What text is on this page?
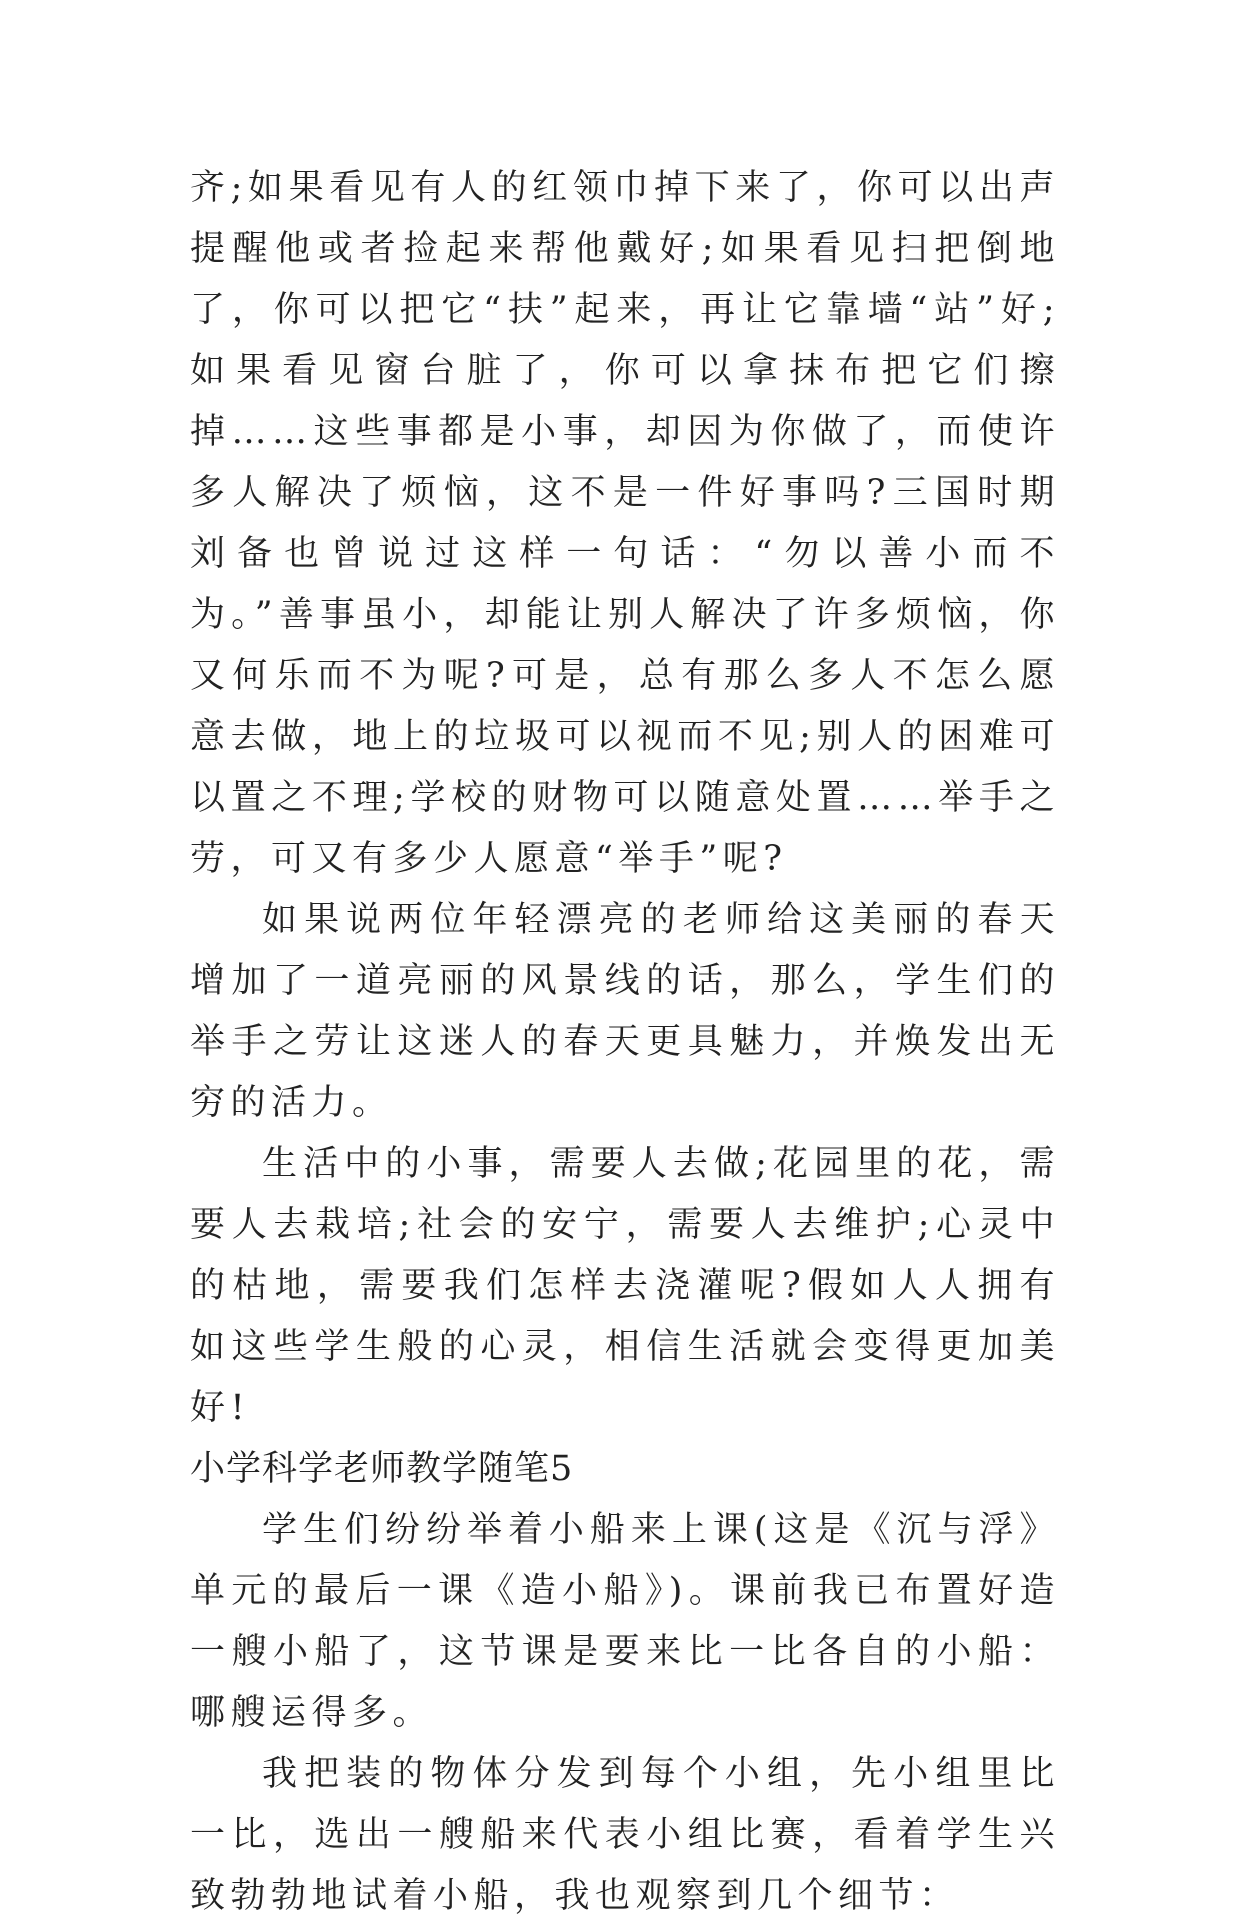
齐;如果看见有人的红领巾掉下来了，你可以出声提醒他或者捡起来帮他戴好;如果看见扫把倒地了，你可以把它“扶”起来，再让它靠墙“站”好;如果看见窗台脏了，你可以拿抹布把它们擦掉……这些事都是小事，却因为你做了，而使许多人解决了烦恼，这不是一件好事吗?三国时期刘备也曾说过这样一句话：“勿以善小而不为。”善事虽小，却能让别人解决了许多烦恼，你又何乐而不为呢?可是，总有那么多人不怎么愿意去做，地上的垃圾可以视而不见;别人的困难可以置之不理;学校的财物可以随意处置……举手之劳，可又有多少人愿意“举手”呢?

如果说两位年轻漂亮的老师给这美丽的春天增加了一道亮丽的风景线的话，那么，学生们的举手之劳让这迷人的春天更具魅力，并焕发出无穷的活力。

生活中的小事，需要人去做;花园里的花，需要人去栽培;社会的安宁，需要人去维护;心灵中的枯地，需要我们怎样去浇灌呢?假如人人拥有如这些学生般的心灵，相信生活就会变得更加美好!

小学科学老师教学随笔5

学生们纷纷举着小船来上课(这是《沉与浮》单元的最后一课《造小船》)。课前我已布置好造一艘小船了，这节课是要来比一比各自的小船：哪艘运得多。

我把装的物体分发到每个小组，先小组里比一比，选出一艘船来代表小组比赛，看着学生兴致勃勃地试着小船，我也观察到几个细节：
